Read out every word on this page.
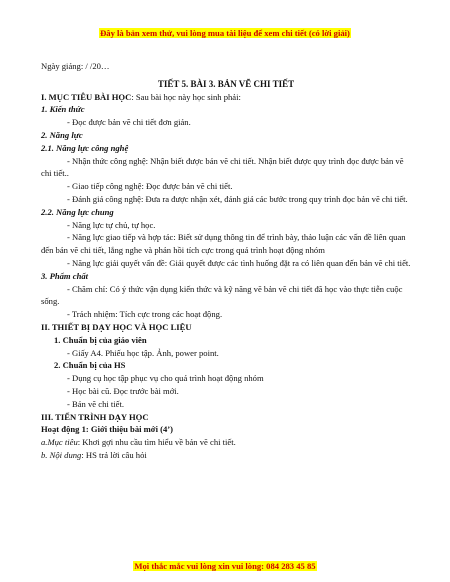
Đây là bản xem thử, vui lòng mua tài liệu để xem chi tiết (có lời giải)

Ngày giảng: / /20…

TIẾT 5. BÀI 3. BẢN VẼ CHI TIẾT

I. MỤC TIÊU BÀI HỌC: Sau bài học này học sinh phải:

1. Kiến thức

- Đọc được bản vẽ chi tiết đơn giản.

2. Năng lực

2.1. Năng lực công nghệ

- Nhận thức công nghệ: Nhận biết được bản vẽ chi tiết. Nhận biết được quy trình đọc được bản vẽ chi tiết..

- Giao tiếp công nghệ: Đọc được bản vẽ chi tiết.

- Đánh giá công nghệ: Đưa ra được nhận xét, đánh giá các bước trong quy trình đọc bản vẽ chi tiết.

2.2. Năng lực chung

- Năng lực tự chủ, tự học.

- Năng lực giao tiếp và hợp tác: Biết sử dụng thông tin để trình bày, thảo luận các vấn đề liên quan đến bản vẽ chi tiết, lắng nghe và phản hồi tích cực trong quá trình hoạt động nhóm

- Năng lực giải quyết vấn đề: Giải quyết được các tình huống đặt ra có liên quan đến bản vẽ chi tiết.

3. Phẩm chất

- Chăm chỉ: Có ý thức vận dụng kiến thức và kỹ năng vẽ bản vẽ chi tiết đã học vào thực tiễn cuộc sống.

- Trách nhiệm: Tích cực trong các hoạt động.

II. THIẾT BỊ DẠY HỌC VÀ HỌC LIỆU

1. Chuẩn bị của giáo viên

- Giấy A4. Phiếu học tập. Ảnh, power point.

2. Chuẩn bị của HS

- Dụng cụ học tập phục vụ cho quá trình hoạt động nhóm

- Học bài cũ. Đọc trước bài mới.

- Bản vẽ chi tiết.

III. TIẾN TRÌNH DẠY HỌC

Hoạt động 1: Giới thiệu bài mới (4’)

a.Mục tiêu: Khơi gợi nhu cầu tìm hiểu về bản vẽ chi tiết.

b. Nội dung: HS trả lời câu hỏi

Mọi thắc mắc vui lòng xin vui lòng: 084 283 45 85
